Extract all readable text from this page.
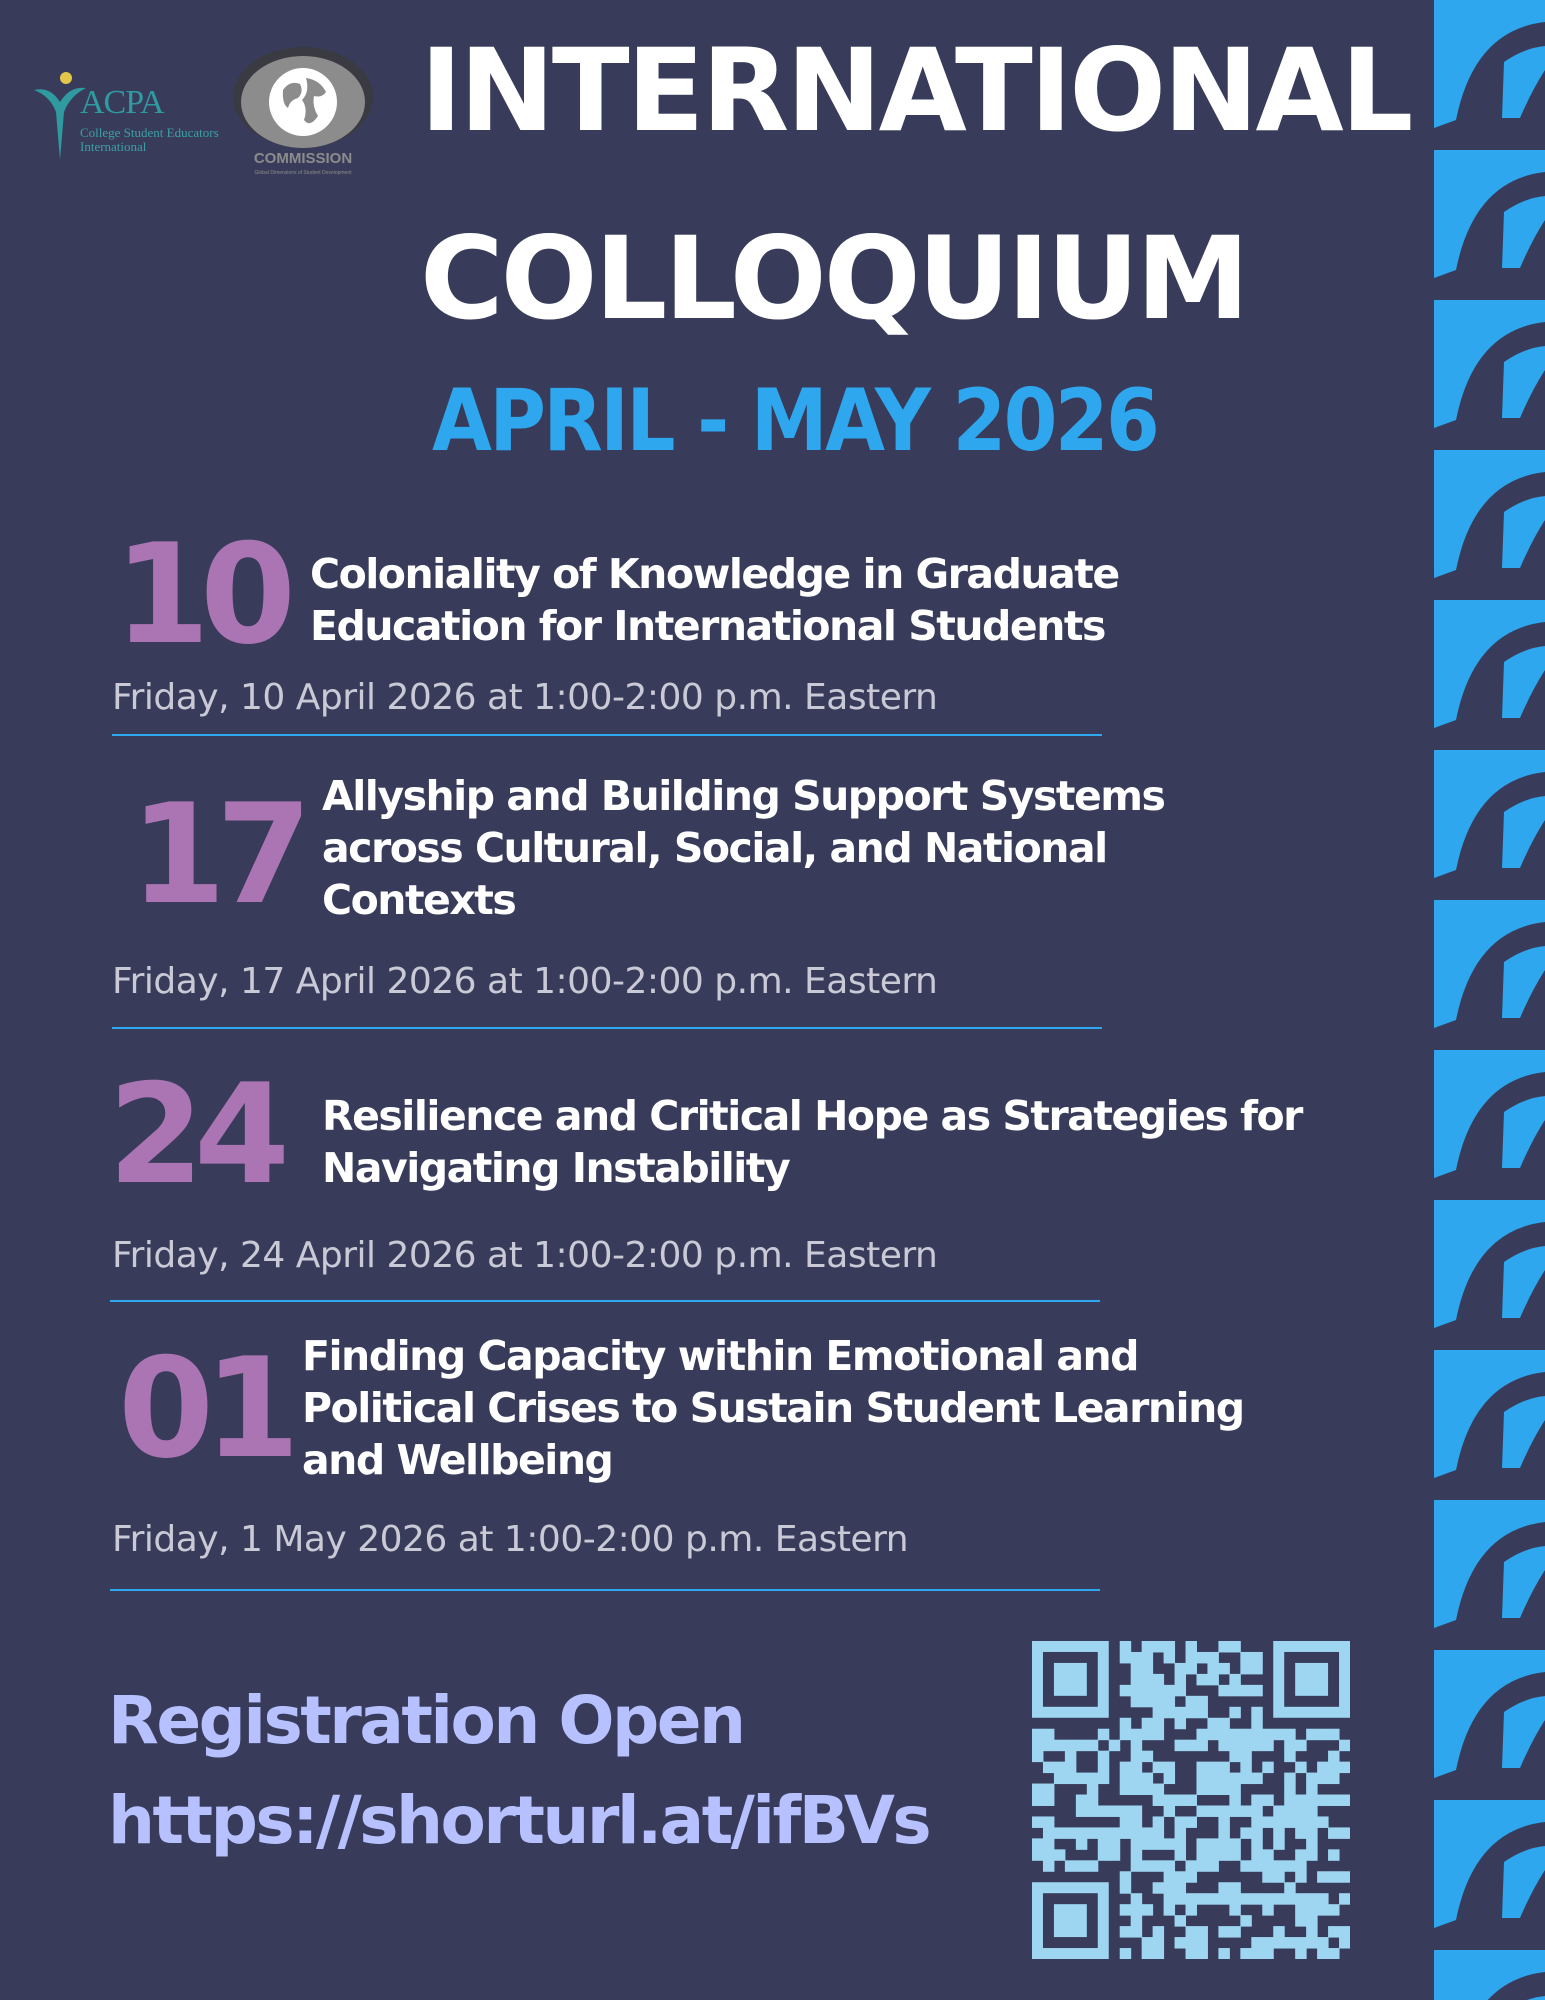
ACPA
College Student Educators International
COMMISSION
Global Dimensions of Student Development
INTERNATIONAL
COLLOQUIUM
APRIL - MAY 2026
10 Coloniality of Knowledge in Graduate
Education for International Students
Friday, 10 April 2026 at 1:00-2:00 p.m. Eastern
17 Allyship and Building Support Systems
across Cultural, Social, and National
Contexts
Friday, 17 April 2026 at 1:00-2:00 p.m. Eastern
24 Resilience and Critical Hope as Strategies for
Navigating Instability
Friday, 24 April 2026 at 1:00-2:00 p.m. Eastern
01 Finding Capacity within Emotional and
Political Crises to Sustain Student Learning
and Wellbeing
Friday, 1 May 2026 at 1:00-2:00 p.m. Eastern
Registration Open
https://shorturl.at/ifBVs
